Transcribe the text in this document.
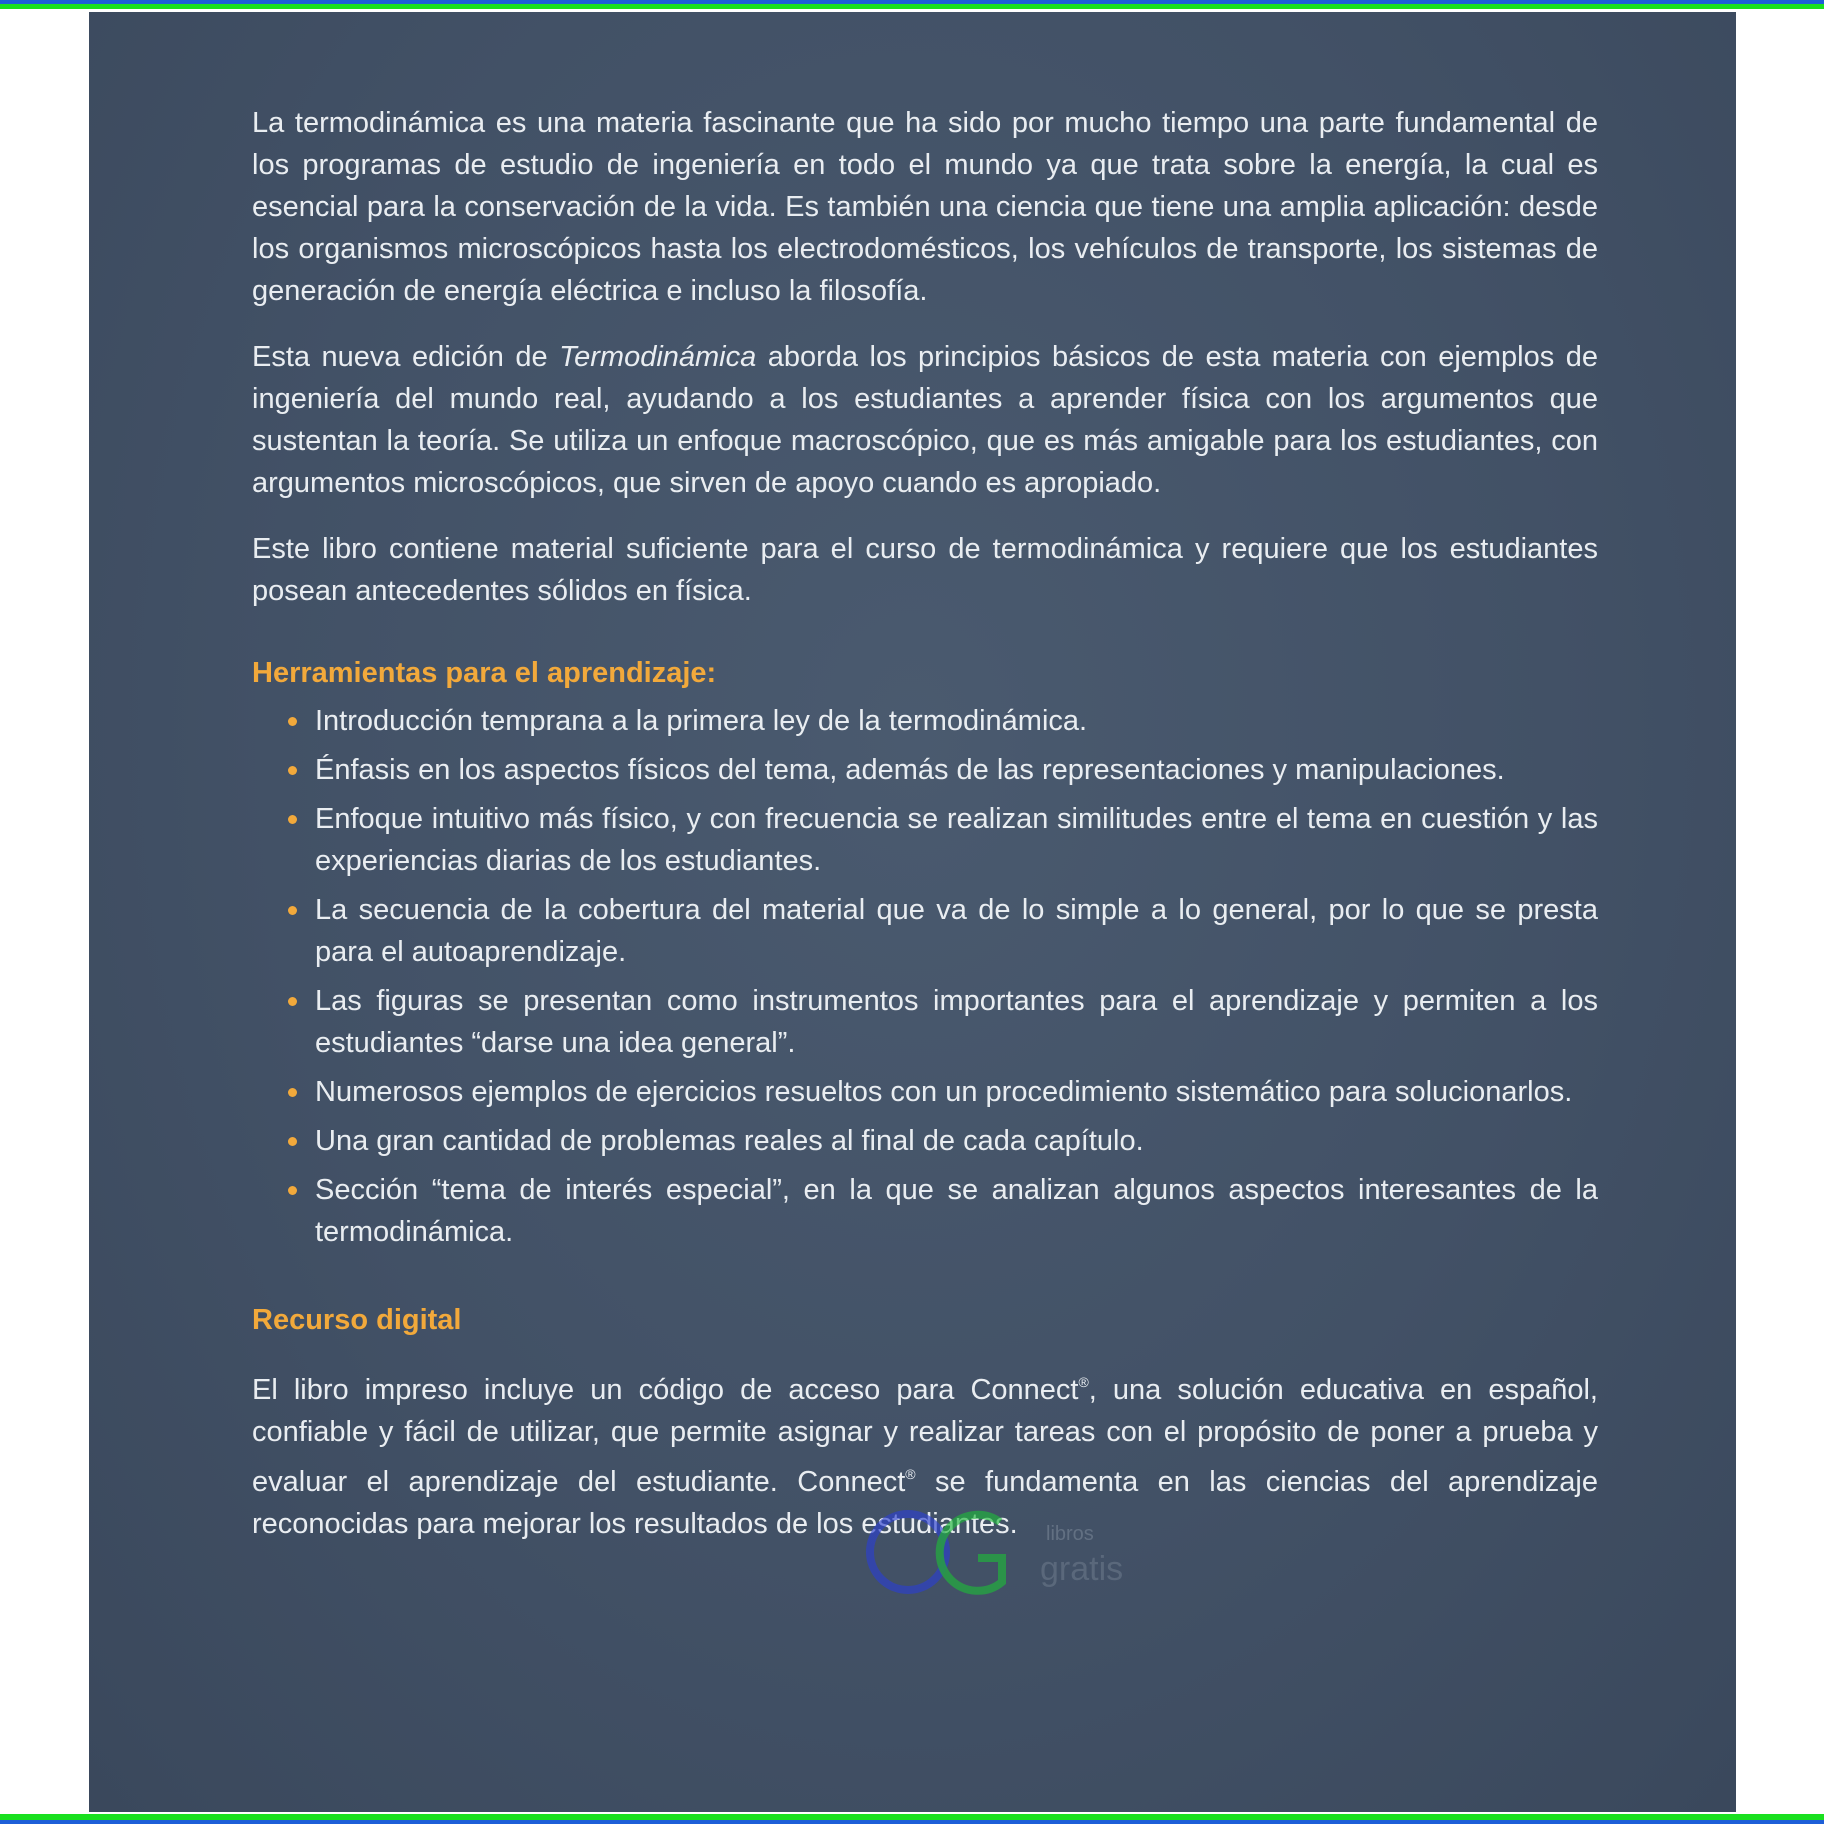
La termodinámica es una materia fascinante que ha sido por mucho tiempo una parte fundamental de los programas de estudio de ingeniería en todo el mundo ya que trata sobre la energía, la cual es esencial para la conservación de la vida. Es también una ciencia que tiene una amplia aplicación: desde los organismos microscópicos hasta los electrodomésticos, los vehículos de transporte, los sistemas de generación de energía eléctrica e incluso la filosofía.

Esta nueva edición de Termodinámica aborda los principios básicos de esta materia con ejemplos de ingeniería del mundo real, ayudando a los estudiantes a aprender física con los argumentos que sustentan la teoría. Se utiliza un enfoque macroscópico, que es más amigable para los estudiantes, con argumentos microscópicos, que sirven de apoyo cuando es apropiado.

Este libro contiene material suficiente para el curso de termodinámica y requiere que los estudiantes posean antecedentes sólidos en física.

Herramientas para el aprendizaje:
Introducción temprana a la primera ley de la termodinámica.
Énfasis en los aspectos físicos del tema, además de las representaciones y manipulaciones.
Enfoque intuitivo más físico, y con frecuencia se realizan similitudes entre el tema en cuestión y las experiencias diarias de los estudiantes.
La secuencia de la cobertura del material que va de lo simple a lo general, por lo que se presta para el autoaprendizaje.
Las figuras se presentan como instrumentos importantes para el aprendizaje y permiten a los estudiantes “darse una idea general”.
Numerosos ejemplos de ejercicios resueltos con un procedimiento sistemático para solucionarlos.
Una gran cantidad de problemas reales al final de cada capítulo.
Sección “tema de interés especial”, en la que se analizan algunos aspectos interesantes de la termodinámica.
Recurso digital

El libro impreso incluye un código de acceso para Connect®, una solución educativa en español, confiable y fácil de utilizar, que permite asignar y realizar tareas con el propósito de poner a prueba y evaluar el aprendizaje del estudiante. Connect® se fundamenta en las ciencias del aprendizaje reconocidas para mejorar los resultados de los estudiantes.	libros
gratis
